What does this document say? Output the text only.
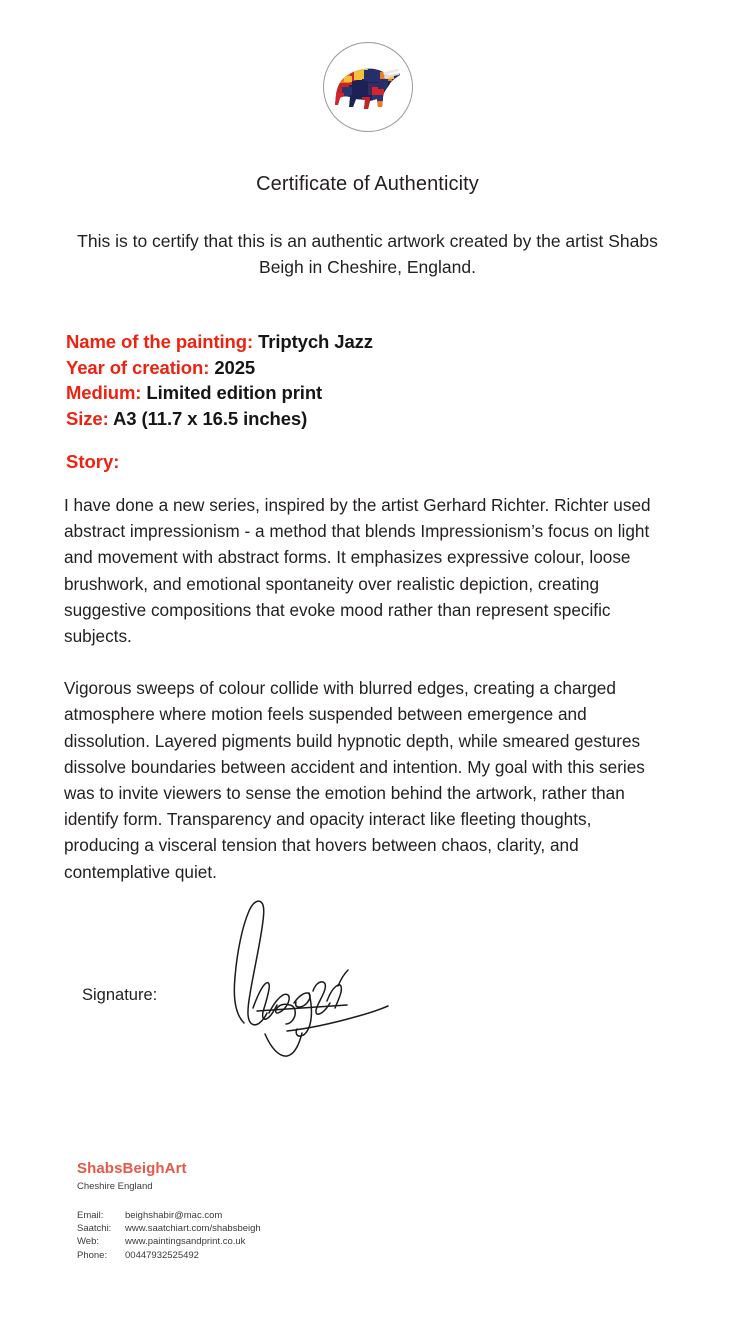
Certificate of Authenticity
This is to certify that this is an authentic artwork created by the artist Shabs Beigh in Cheshire, England.
Name of the painting: Triptych Jazz
Year of creation: 2025
Medium: Limited edition print
Size: A3 (11.7 x 16.5 inches)
Story:

I have done a new series, inspired by the artist Gerhard Richter. Richter used abstract impressionism - a method that blends Impressionism’s focus on light and movement with abstract forms. It emphasizes expressive colour, loose brushwork, and emotional spontaneity over realistic depiction, creating suggestive compositions that evoke mood rather than represent specific subjects.

Vigorous sweeps of colour collide with blurred edges, creating a charged atmosphere where motion feels suspended between emergence and dissolution. Layered pigments build hypnotic depth, while smeared gestures dissolve boundaries between accident and intention. My goal with this series was to invite viewers to sense the emotion behind the artwork, rather than identify form. Transparency and opacity interact like fleeting thoughts, producing a visceral tension that hovers between chaos, clarity, and contemplative quiet.

Signature:
ShabsBeighArt
Cheshire England
Email:	beighshabir@mac.com
Saatchi:	www.saatchiart.com/shabsbeigh
Web:	www.paintingsandprint.co.uk
Phone:	00447932525492
